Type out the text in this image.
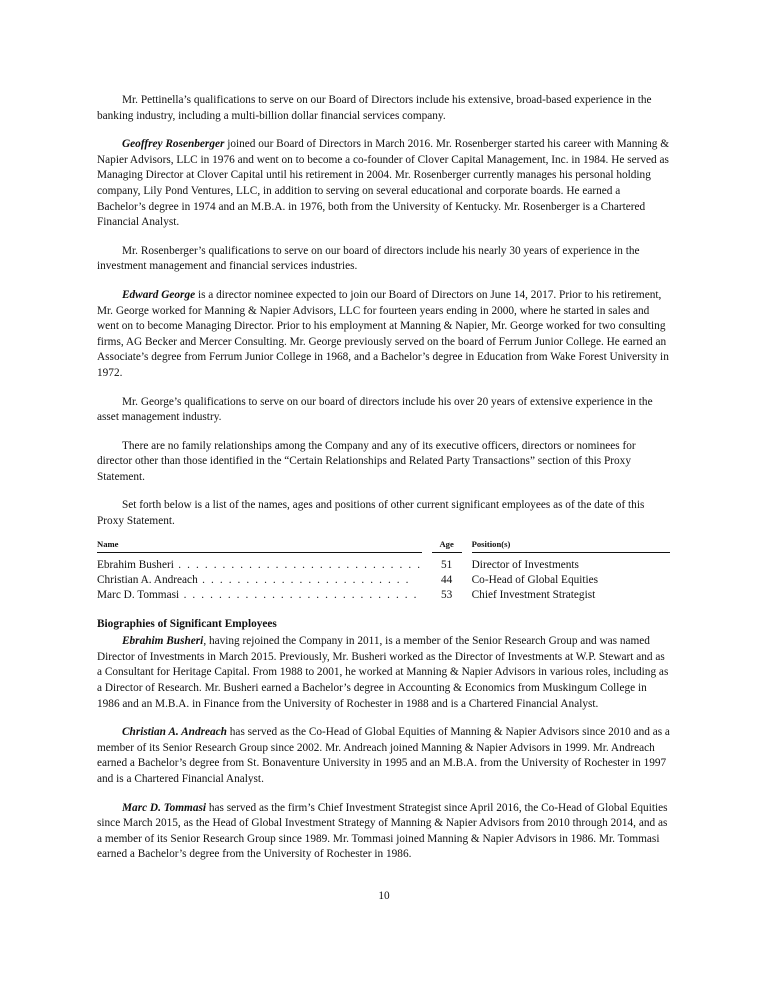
Mr. Pettinella’s qualifications to serve on our Board of Directors include his extensive, broad-based experience in the banking industry, including a multi-billion dollar financial services company.

Geoffrey Rosenberger joined our Board of Directors in March 2016. Mr. Rosenberger started his career with Manning & Napier Advisors, LLC in 1976 and went on to become a co-founder of Clover Capital Management, Inc. in 1984. He served as Managing Director at Clover Capital until his retirement in 2004. Mr. Rosenberger currently manages his personal holding company, Lily Pond Ventures, LLC, in addition to serving on several educational and corporate boards. He earned a Bachelor’s degree in 1974 and an M.B.A. in 1976, both from the University of Kentucky. Mr. Rosenberger is a Chartered Financial Analyst.

Mr. Rosenberger’s qualifications to serve on our board of directors include his nearly 30 years of experience in the investment management and financial services industries.

Edward George is a director nominee expected to join our Board of Directors on June 14, 2017. Prior to his retirement, Mr. George worked for Manning & Napier Advisors, LLC for fourteen years ending in 2000, where he started in sales and went on to become Managing Director. Prior to his employment at Manning & Napier, Mr. George worked for two consulting firms, AG Becker and Mercer Consulting. Mr. George previously served on the board of Ferrum Junior College. He earned an Associate’s degree from Ferrum Junior College in 1968, and a Bachelor’s degree in Education from Wake Forest University in 1972.

Mr. George’s qualifications to serve on our board of directors include his over 20 years of extensive experience in the asset management industry.

There are no family relationships among the Company and any of its executive officers, directors or nominees for director other than those identified in the “Certain Relationships and Related Party Transactions” section of this Proxy Statement.

Set forth below is a list of the names, ages and positions of other current significant employees as of the date of this Proxy Statement.

Name		Age		Position(s)
Ebrahim Busheri . . . . . . . . . . . . . . . . . . . . . . . . . . . .		51		Director of Investments
Christian A. Andreach . . . . . . . . . . . . . . . . . . . . . . . .		44		Co-Head of Global Equities
Marc D. Tommasi . . . . . . . . . . . . . . . . . . . . . . . . . . .		53		Chief Investment Strategist
Biographies of Significant Employees

Ebrahim Busheri, having rejoined the Company in 2011, is a member of the Senior Research Group and was named Director of Investments in March 2015. Previously, Mr. Busheri worked as the Director of Investments at W.P. Stewart and as a Consultant for Heritage Capital. From 1988 to 2001, he worked at Manning & Napier Advisors in various roles, including as a Director of Research. Mr. Busheri earned a Bachelor’s degree in Accounting & Economics from Muskingum College in 1986 and an M.B.A. in Finance from the University of Rochester in 1988 and is a Chartered Financial Analyst.

Christian A. Andreach has served as the Co-Head of Global Equities of Manning & Napier Advisors since 2010 and as a member of its Senior Research Group since 2002. Mr. Andreach joined Manning & Napier Advisors in 1999. Mr. Andreach earned a Bachelor’s degree from St. Bonaventure University in 1995 and an M.B.A. from the University of Rochester in 1997 and is a Chartered Financial Analyst.

Marc D. Tommasi has served as the firm’s Chief Investment Strategist since April 2016, the Co-Head of Global Equities since March 2015, as the Head of Global Investment Strategy of Manning & Napier Advisors from 2010 through 2014, and as a member of its Senior Research Group since 1989. Mr. Tommasi joined Manning & Napier Advisors in 1986. Mr. Tommasi earned a Bachelor’s degree from the University of Rochester in 1986.

10
